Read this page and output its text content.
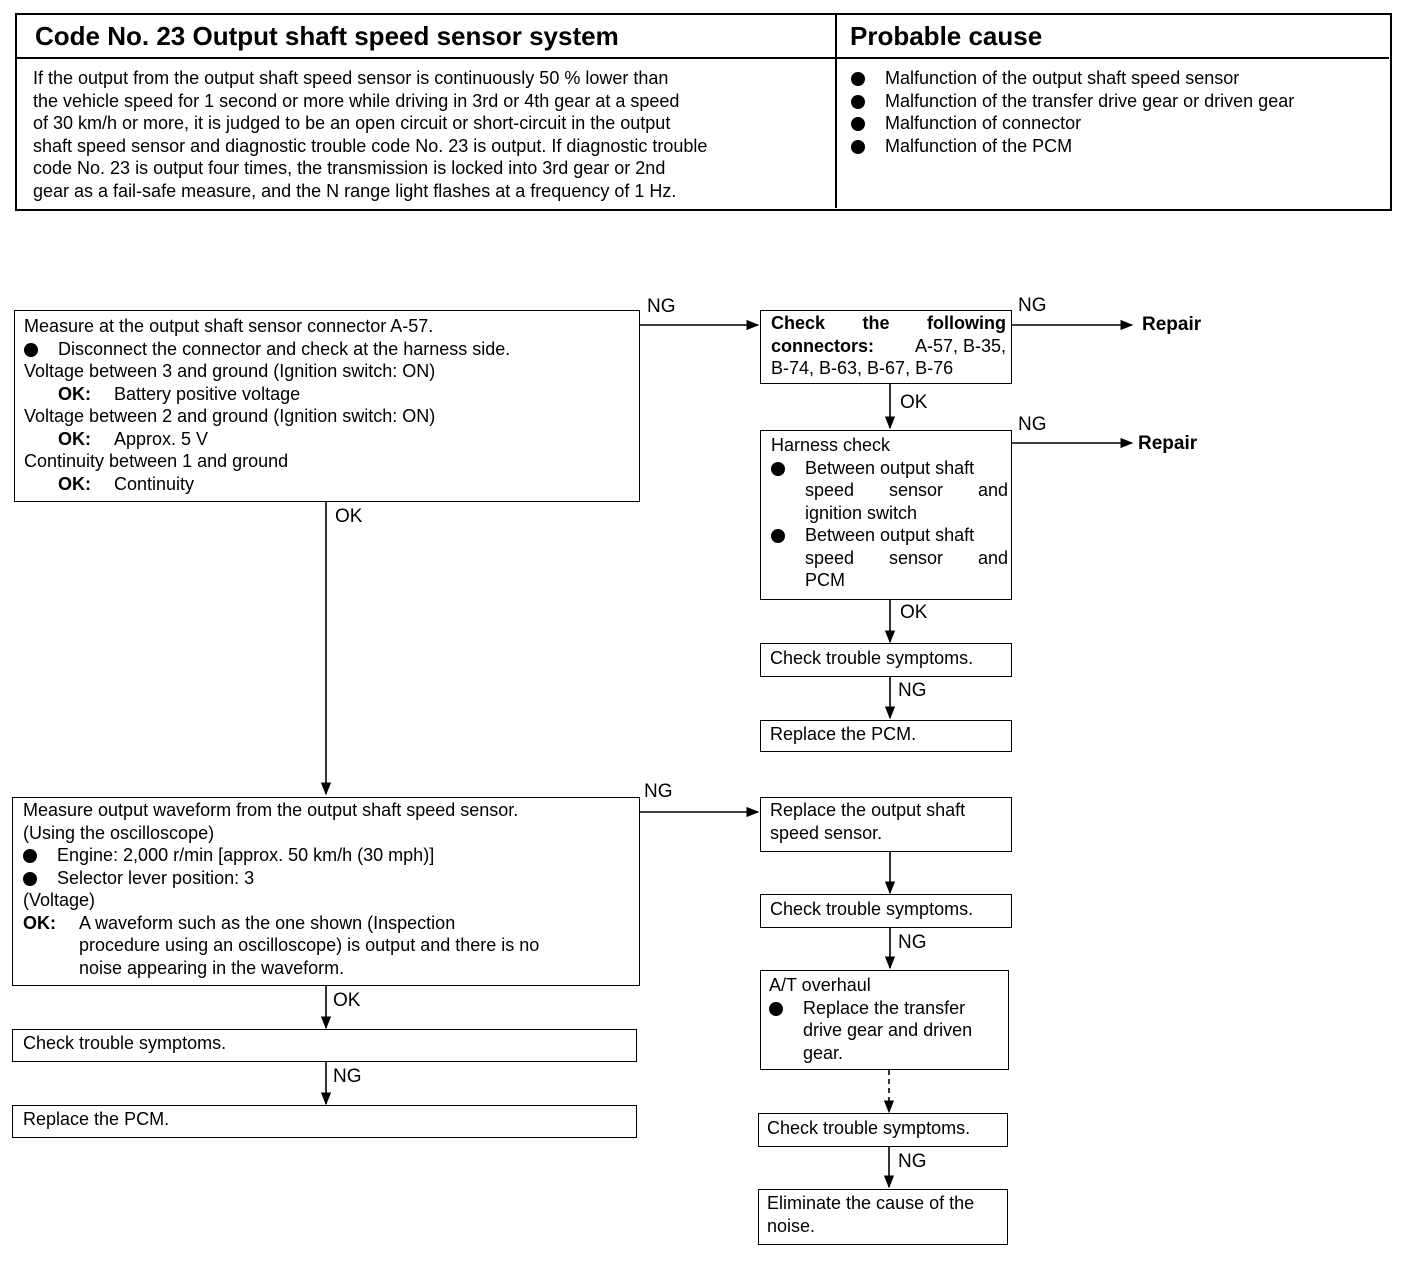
Code No. 23 Output shaft speed sensor system	Probable cause
If the output from the output shaft speed sensor is continuously 50 % lower than
the vehicle speed for 1 second or more while driving in 3rd or 4th gear at a speed
of 30 km/h or more, it is judged to be an open circuit or short-circuit in the output
shaft speed sensor and diagnostic trouble code No. 23 is output. If diagnostic trouble
code No. 23 is output four times, the transmission is locked into 3rd gear or 2nd
gear as a fail-safe measure, and the N range light flashes at a frequency of 1 Hz.
Malfunction of the output shaft speed sensor
Malfunction of the transfer drive gear or driven gear
Malfunction of connector
Malfunction of the PCM
Measure at the output shaft sensor connector A-57.
Disconnect the connector and check at the harness side.
Voltage between 3 and ground (Ignition switch: ON)
OK:	Battery positive voltage
Voltage between 2 and ground (Ignition switch: ON)
OK:	Approx. 5 V
Continuity between 1 and ground
OK:	Continuity
Check the following
connectors: A-57, B-35,
B-74, B-63, B-67, B-76
Harness check
Between output shaft
speed sensor and
ignition switch
Between output shaft
speed sensor and
PCM
Check trouble symptoms.
Replace the PCM.
Measure output waveform from the output shaft speed sensor.
(Using the oscilloscope)
Engine: 2,000 r/min [approx. 50 km/h (30 mph)]
Selector lever position: 3
(Voltage)
OK:	A waveform such as the one shown (Inspection
procedure using an oscilloscope) is output and there is no
noise appearing in the waveform.
Check trouble symptoms.
Replace the PCM.
Replace the output shaft
speed sensor.
Check trouble symptoms.
A/T overhaul
Replace the transfer
drive gear and driven
gear.
Check trouble symptoms.
Eliminate the cause of the
noise.
NG
OK
NG
Repair
OK
NG
Repair
OK
NG
NG
OK
NG
NG
NG
